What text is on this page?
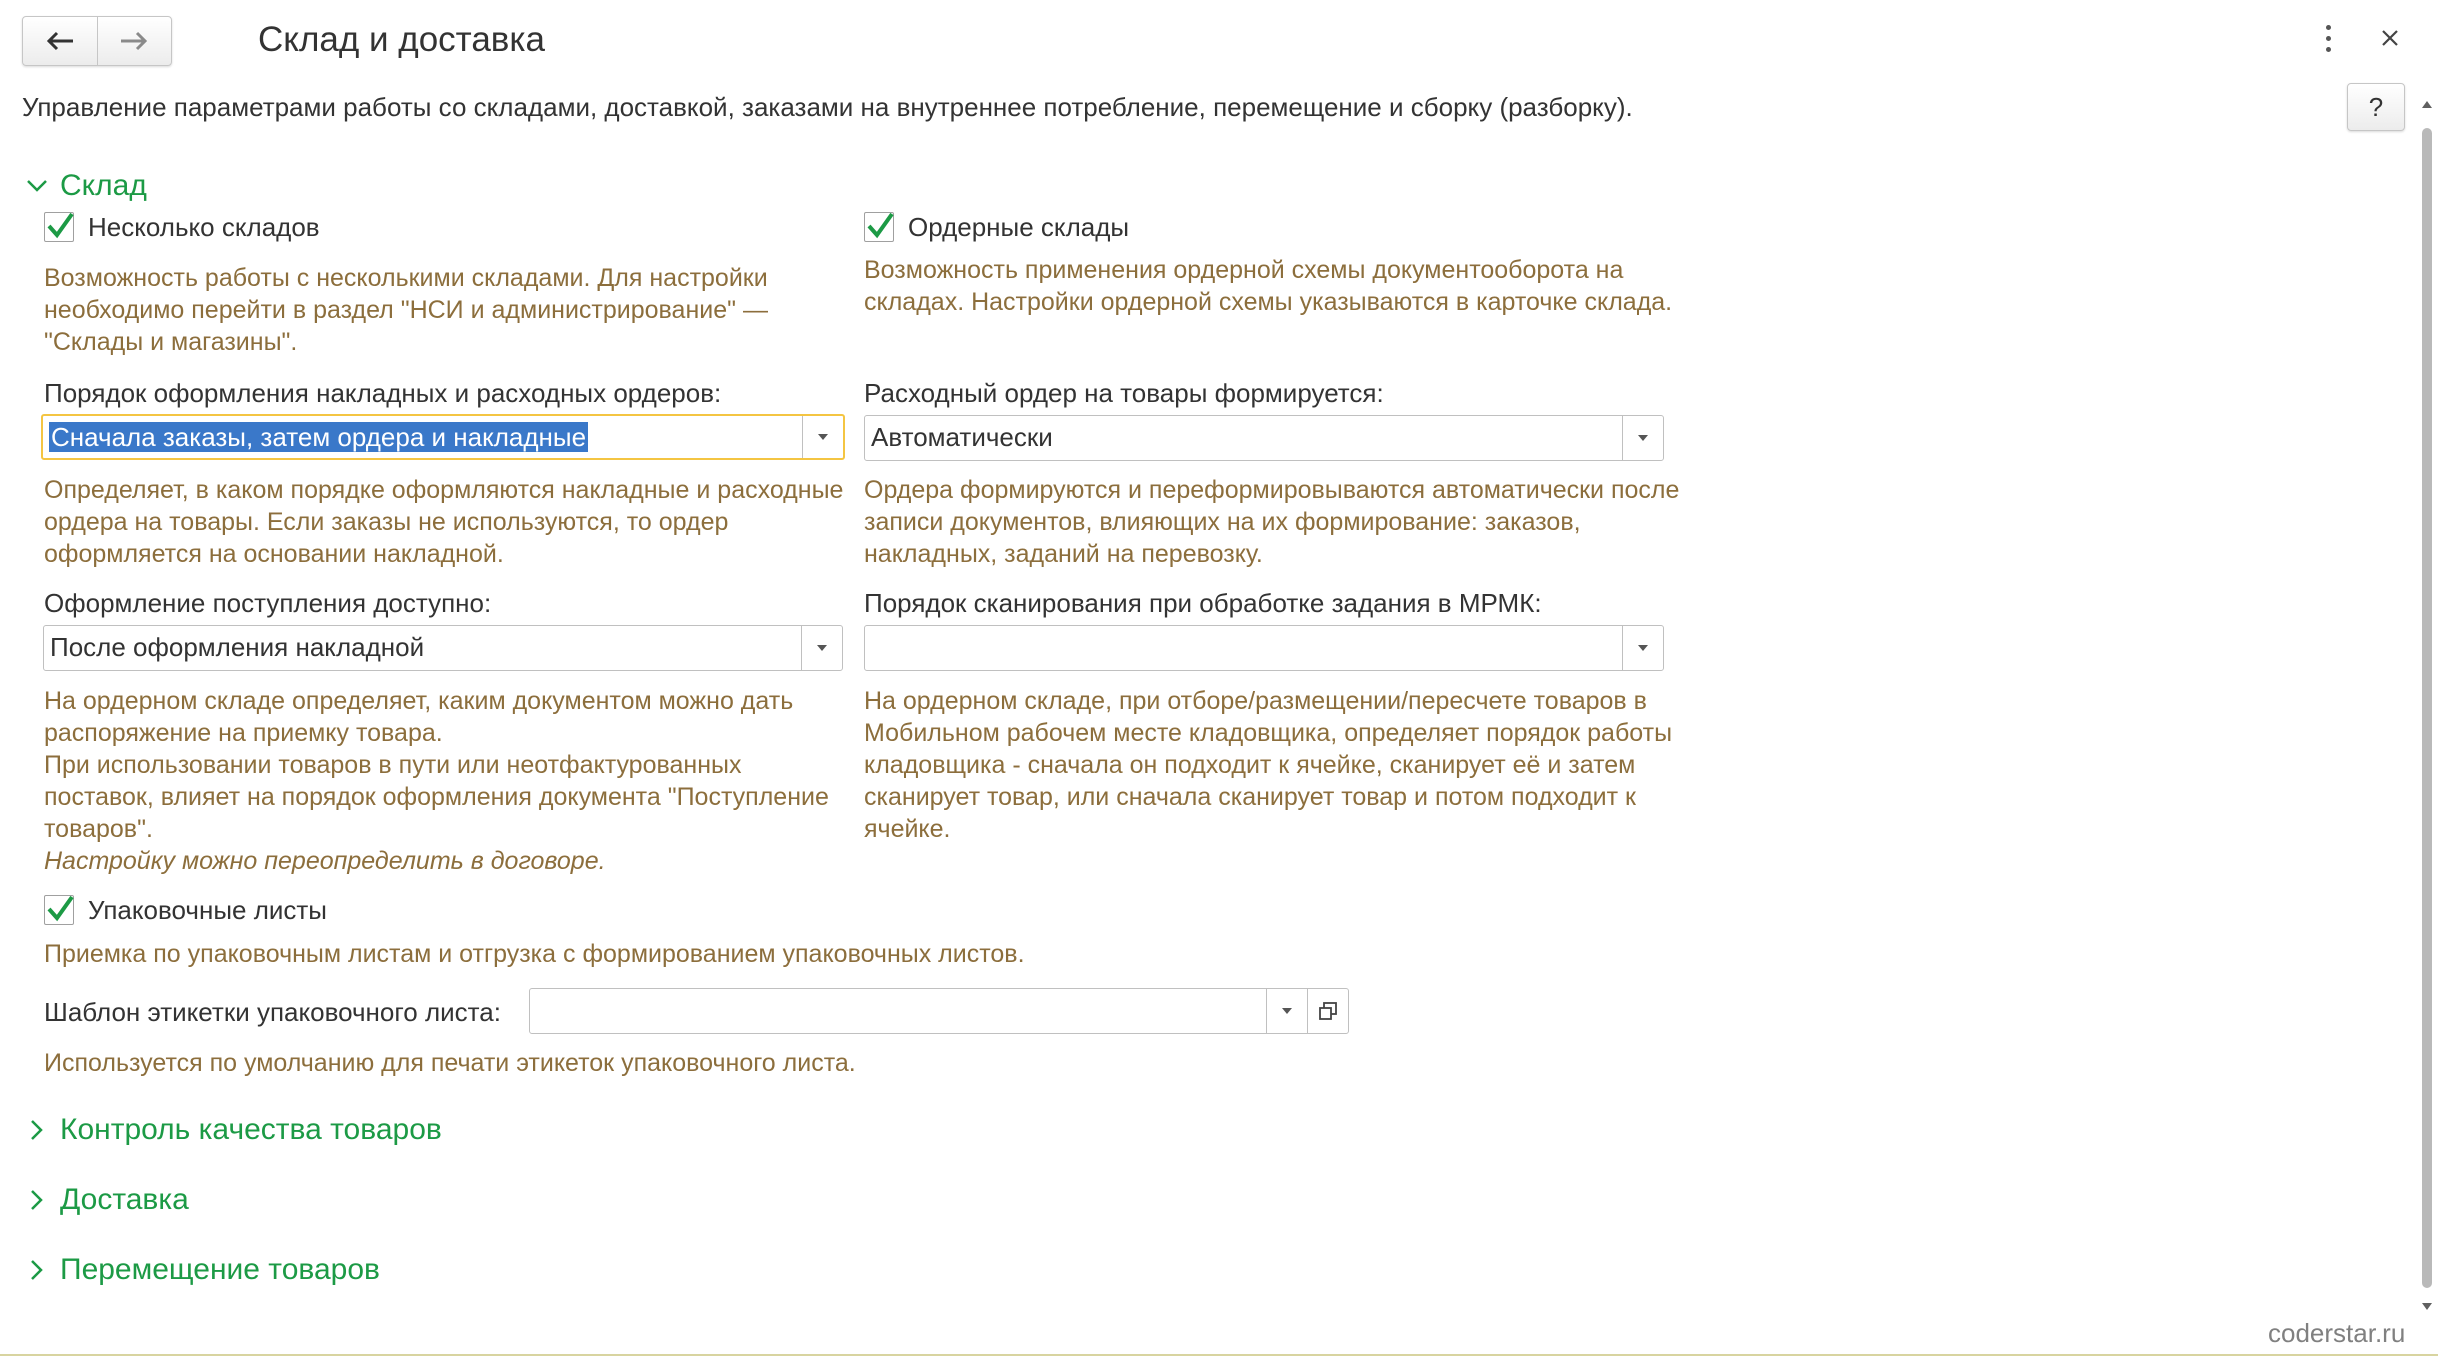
Склад и доставка
Управление параметрами работы со складами, доставкой, заказами на внутреннее потребление, перемещение и сборку (разборку).	?
Склад
Несколько складов
Возможность работы с несколькими складами. Для настройки необходимо перейти в раздел "НСИ и администрирование" — "Склады и магазины".
Порядок оформления накладных и расходных ордеров:
Сначала заказы, затем ордера и накладные
Определяет, в каком порядке оформляются накладные и расходные ордера на товары. Если заказы не используются, то ордер оформляется на основании накладной.
Оформление поступления доступно:
После оформления накладной
На ордерном складе определяет, каким документом можно дать распоряжение на приемку товара.
При использовании товаров в пути или неотфактурованных поставок, влияет на порядок оформления документа "Поступление товаров".
Настройку можно переопределить в договоре.
Ордерные склады
Возможность применения ордерной схемы документооборота на складах. Настройки ордерной схемы указываются в карточке склада.
Расходный ордер на товары формируется:
Автоматически
Ордера формируются и переформировываются автоматически после записи документов, влияющих на их формирование: заказов, накладных, заданий на перевозку.
Порядок сканирования при обработке задания в МРМК:
На ордерном складе, при отборе/размещении/пересчете товаров в Мобильном рабочем месте кладовщика, определяет порядок работы кладовщика - сначала он подходит к ячейке, сканирует её и затем сканирует товар, или сначала сканирует товар и потом подходит к ячейке.
Упаковочные листы
Приемка по упаковочным листам и отгрузка с формированием упаковочных листов.
Шаблон этикетки упаковочного листа:
Используется по умолчанию для печати этикеток упаковочного листа.
Контроль качества товаров
Доставка
Перемещение товаров
coderstar.ru
